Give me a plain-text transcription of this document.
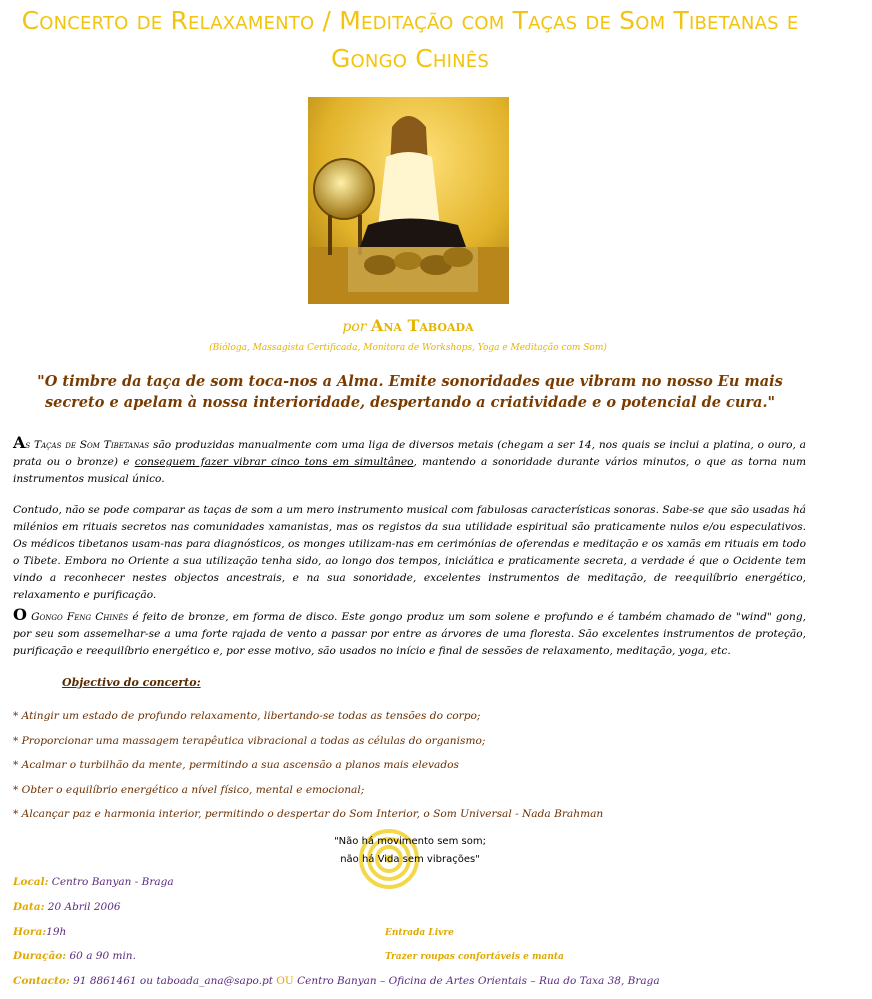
Concerto de Relaxamento / Meditação com Taças de Som Tibetanas e Gongo Chinês
por Ana Taboada
(Bióloga, Massagista Certificada, Monitora de Workshops, Yoga e Meditação com Som)
"O timbre da taça de som toca-nos a Alma. Emite sonoridades que vibram no nosso Eu mais secreto e apelam à nossa interioridade, despertando a criatividade e o potencial de cura."
As Taças de Som Tibetanas são produzidas manualmente com uma liga de diversos metais (chegam a ser 14, nos quais se inclui a platina, o ouro, a prata ou o bronze) e conseguem fazer vibrar cinco tons em simultâneo, mantendo a sonoridade durante vários minutos, o que as torna num instrumentos musical único.
Contudo, não se pode comparar as taças de som a um mero instrumento musical com fabulosas características sonoras. Sabe-se que são usadas há milénios em rituais secretos nas comunidades xamanistas, mas os registos da sua utilidade espiritual são praticamente nulos e/ou especulativos. Os médicos tibetanos usam-nas para diagnósticos, os monges utilizam-nas em cerimónias de oferendas e meditação e os xamãs em rituais em todo o Tibete. Embora no Oriente a sua utilização tenha sido, ao longo dos tempos, iniciática e praticamente secreta, a verdade é que o Ocidente tem vindo a reconhecer nestes objectos ancestrais, e na sua sonoridade, excelentes instrumentos de meditação, de reequilíbrio energético, relaxamento e purificação.
O Gongo Feng Chinês é feito de bronze, em forma de disco. Este gongo produz um som solene e profundo e é também chamado de "wind" gong, por seu som assemelhar-se a uma forte rajada de vento a passar por entre as árvores de uma floresta. São excelentes instrumentos de proteção, purificação e reequilíbrio energético e, por esse motivo, são usados no início e final de sessões de relaxamento, meditação, yoga, etc.
Objectivo do concerto:
* Atingir um estado de profundo relaxamento, libertando-se todas as tensões do corpo;
* Proporcionar uma massagem terapêutica vibracional a todas as células do organismo;
* Acalmar o turbilhão da mente, permitindo a sua ascensão a planos mais elevados
* Obter o equilíbrio energético a nível físico, mental e emocional;
* Alcançar paz e harmonia interior, permitindo o despertar do Som Interior, o Som Universal - Nada Brahman
"Não há movimento sem som;
não há Vida sem vibrações"
Local: Centro Banyan - Braga
Data: 20 Abril 2006
Hora:19h	Entrada Livre
Duração: 60 a 90 min.	Trazer roupas confortáveis e manta
Contacto: 91 8861461 ou taboada_ana@sapo.pt OU Centro Banyan – Oficina de Artes Orientais – Rua do Taxa 38, Braga
